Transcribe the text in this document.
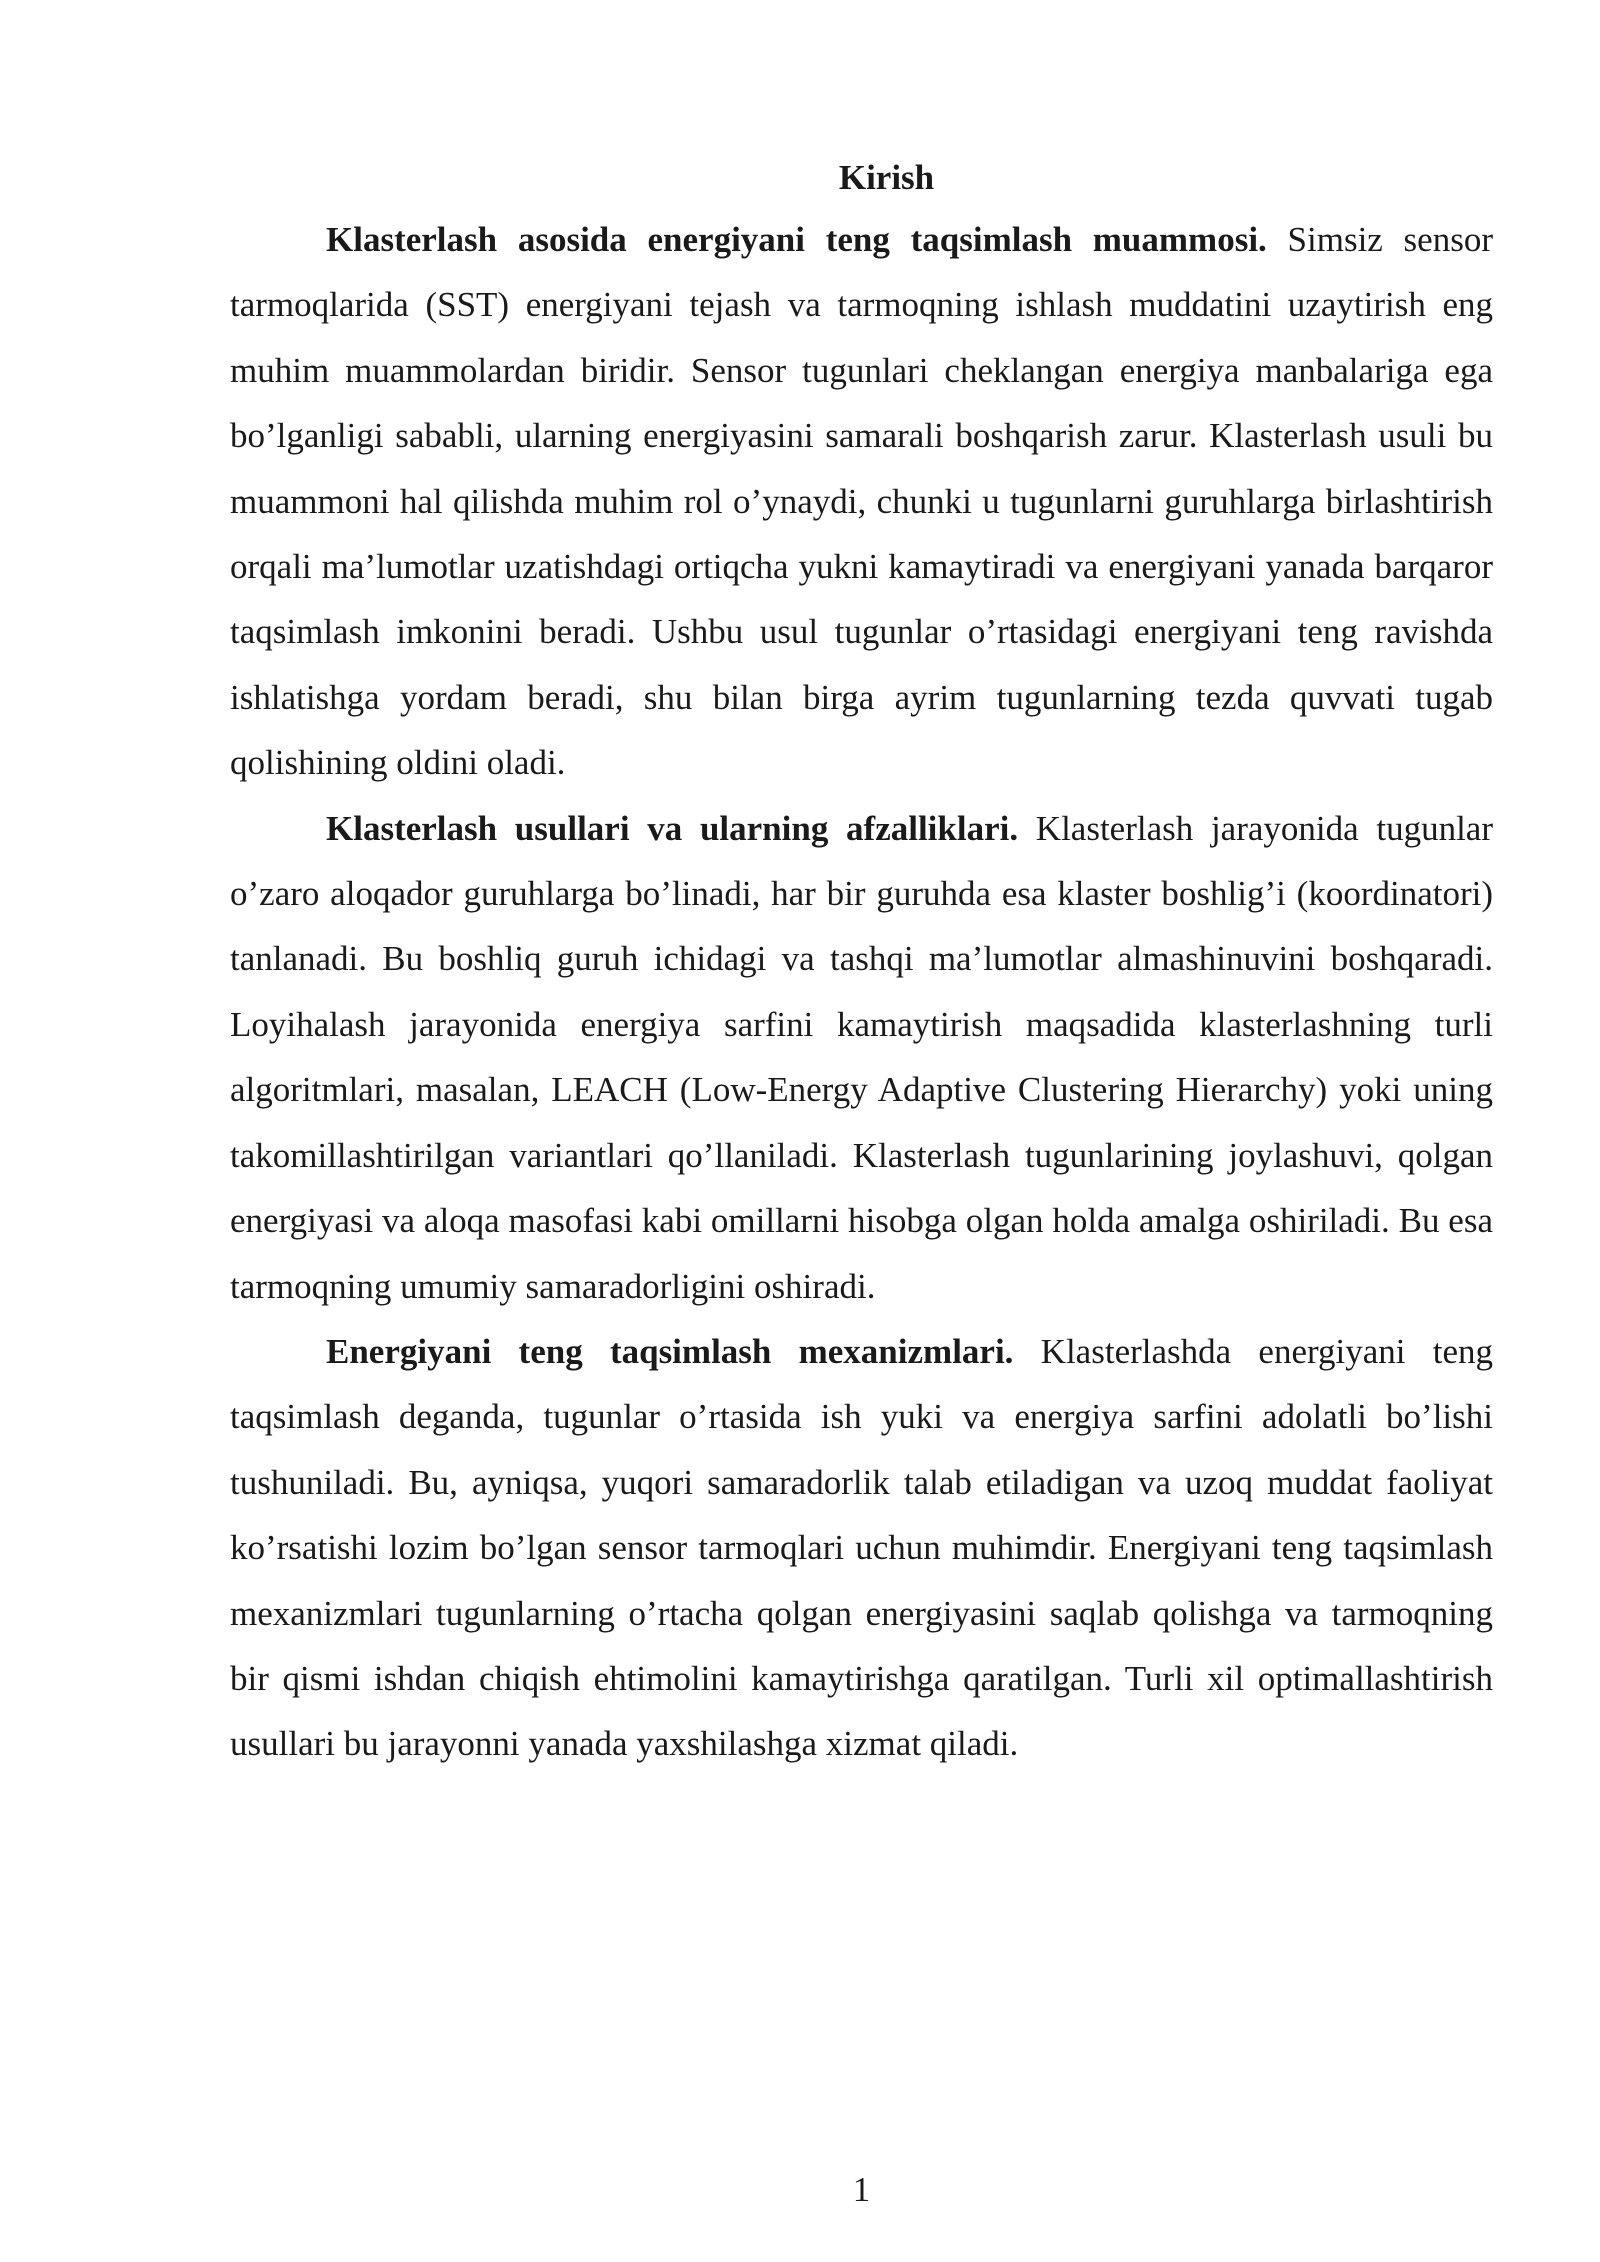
Kirish

Klasterlash asosida energiyani teng taqsimlash muammosi. Simsiz sensor tarmoqlarida (SST) energiyani tejash va tarmoqning ishlash muddatini uzaytirish eng muhim muammolardan biridir. Sensor tugunlari cheklangan energiya manbalariga ega bo’lganligi sababli, ularning energiyasini samarali boshqarish zarur. Klasterlash usuli bu muammoni hal qilishda muhim rol o’ynaydi, chunki u tugunlarni guruhlarga birlashtirish orqali ma’lumotlar uzatishdagi ortiqcha yukni kamaytiradi va energiyani yanada barqaror taqsimlash imkonini beradi. Ushbu usul tugunlar o’rtasidagi energiyani teng ravishda ishlatishga yordam beradi, shu bilan birga ayrim tugunlarning tezda quvvati tugab qolishining oldini oladi.

Klasterlash usullari va ularning afzalliklari. Klasterlash jarayonida tugunlar o’zaro aloqador guruhlarga bo’linadi, har bir guruhda esa klaster boshlig’i (koordinatori) tanlanadi. Bu boshliq guruh ichidagi va tashqi ma’lumotlar almashinuvini boshqaradi. Loyihalash jarayonida energiya sarfini kamaytirish maqsadida klasterlashning turli algoritmlari, masalan, LEACH (Low-Energy Adaptive Clustering Hierarchy) yoki uning takomillashtirilgan variantlari qo’llaniladi. Klasterlash tugunlarining joylashuvi, qolgan energiyasi va aloqa masofasi kabi omillarni hisobga olgan holda amalga oshiriladi. Bu esa tarmoqning umumiy samaradorligini oshiradi.

Energiyani teng taqsimlash mexanizmlari. Klasterlashda energiyani teng taqsimlash deganda, tugunlar o’rtasida ish yuki va energiya sarfini adolatli bo’lishi tushuniladi. Bu, ayniqsa, yuqori samaradorlik talab etiladigan va uzoq muddat faoliyat ko’rsatishi lozim bo’lgan sensor tarmoqlari uchun muhimdir. Energiyani teng taqsimlash mexanizmlari tugunlarning o’rtacha qolgan energiyasini saqlab qolishga va tarmoqning bir qismi ishdan chiqish ehtimolini kamaytirishga qaratilgan. Turli xil optimallashtirish usullari bu jarayonni yanada yaxshilashga xizmat qiladi.

1
